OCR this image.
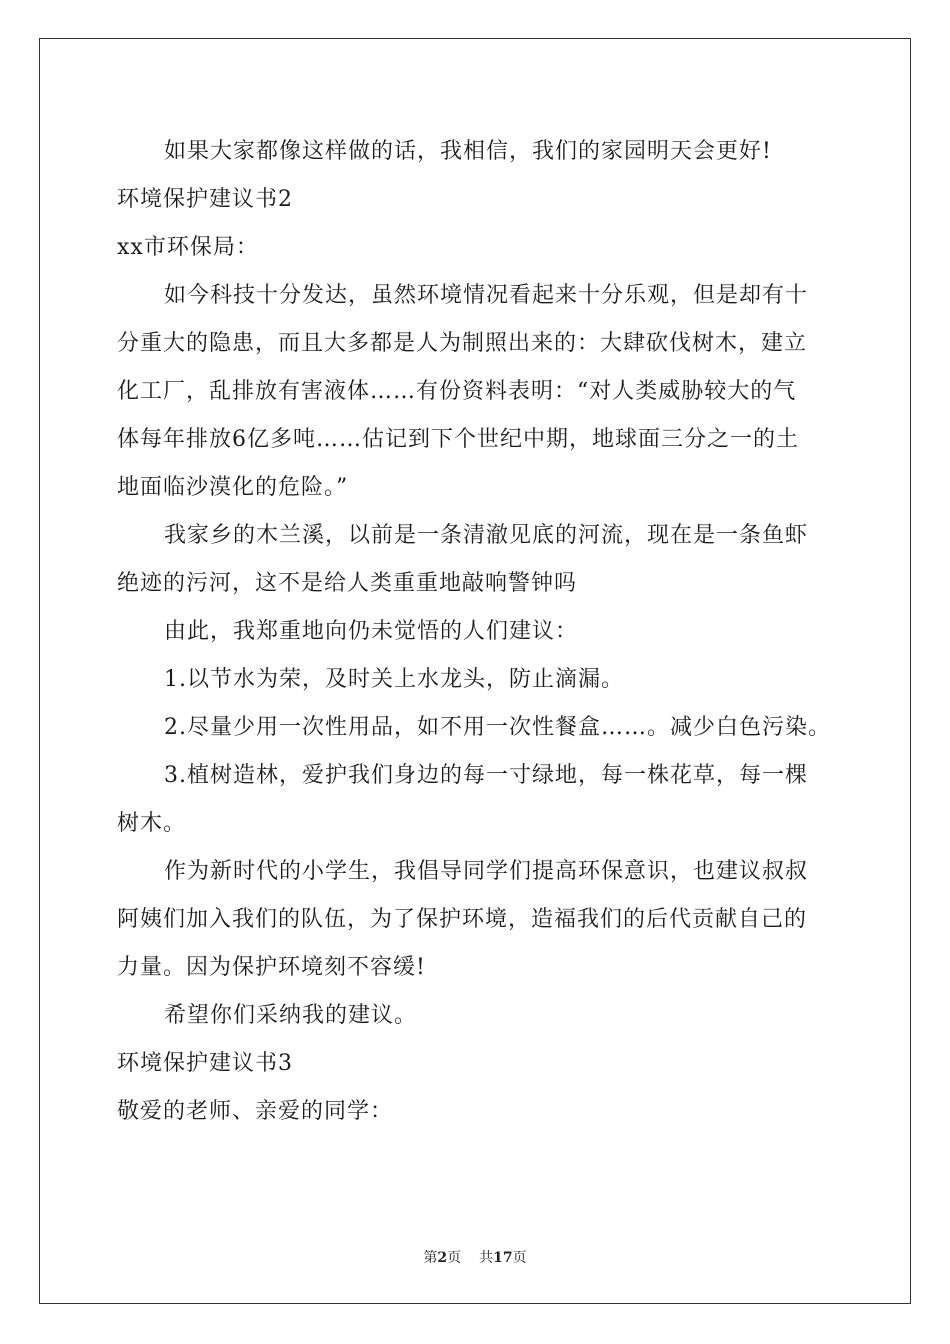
如果大家都像这样做的话，我相信，我们的家园明天会更好!
环境保护建议书2
xx市环保局：
如今科技十分发达，虽然环境情况看起来十分乐观，但是却有十
分重大的隐患，而且大多都是人为制照出来的：大肆砍伐树木，建立
化工厂，乱排放有害液体……有份资料表明：“对人类威胁较大的气
体每年排放6亿多吨……估记到下个世纪中期，地球面三分之一的土
地面临沙漠化的危险。”
我家乡的木兰溪，以前是一条清澈见底的河流，现在是一条鱼虾
绝迹的污河，这不是给人类重重地敲响警钟吗
由此，我郑重地向仍未觉悟的人们建议：
1.以节水为荣，及时关上水龙头，防止滴漏。
2.尽量少用一次性用品，如不用一次性餐盒……。减少白色污染。
3.植树造林，爱护我们身边的每一寸绿地，每一株花草，每一棵
树木。
作为新时代的小学生，我倡导同学们提高环保意识，也建议叔叔
阿姨们加入我们的队伍，为了保护环境，造福我们的后代贡献自己的
力量。因为保护环境刻不容缓!
希望你们采纳我的建议。
环境保护建议书3
敬爱的老师、亲爱的同学：
第2页 共17页
